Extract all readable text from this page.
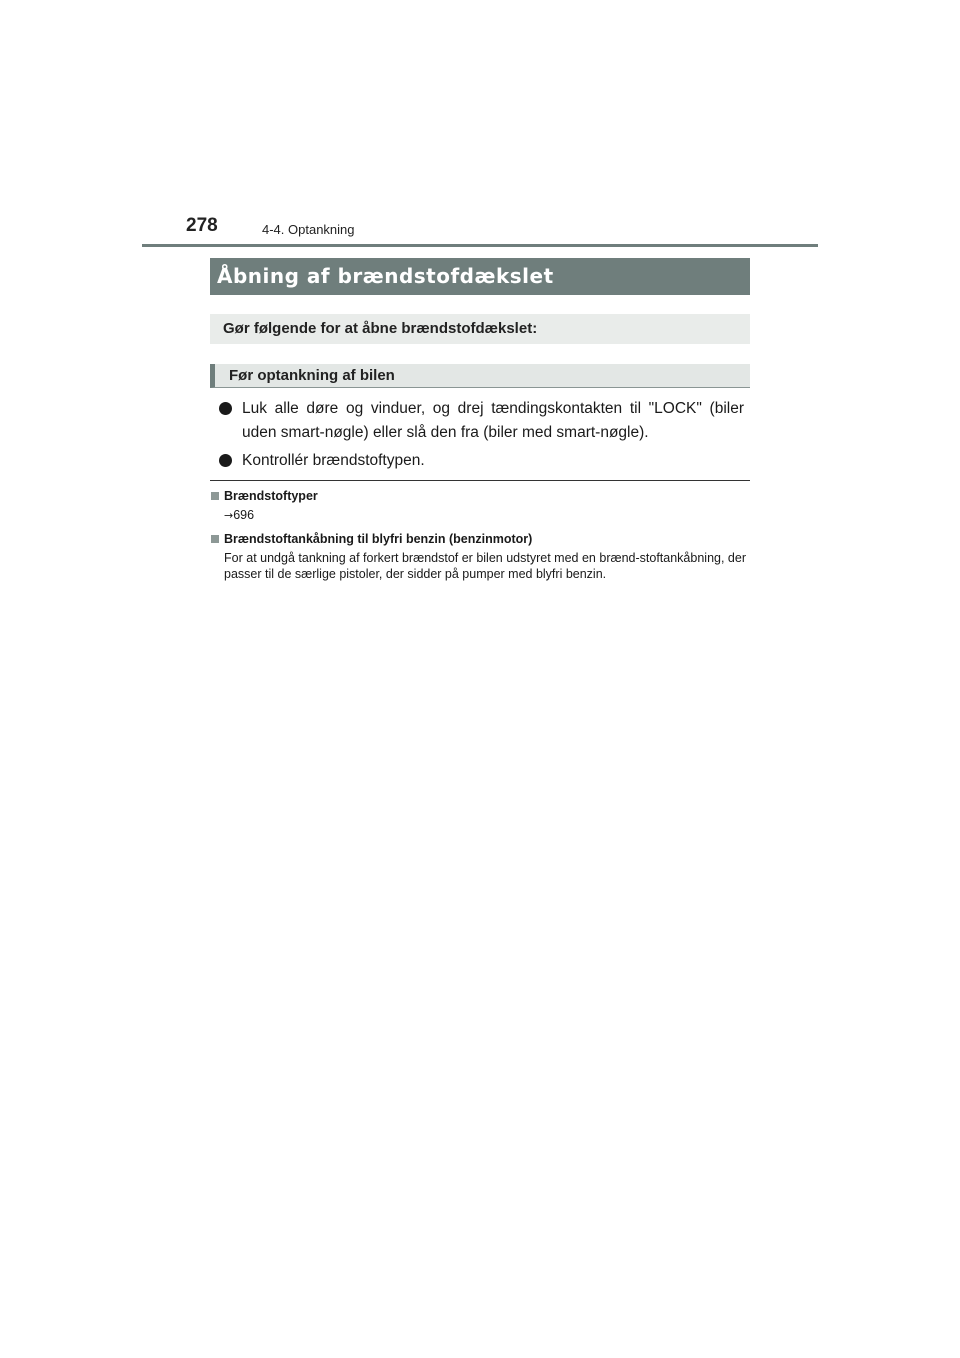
278	4-4. Optankning
Åbning af brændstofdækslet
Gør følgende for at åbne brændstofdækslet:
Før optankning af bilen
Luk alle døre og vinduer, og drej tændingskontakten til "LOCK" (biler uden smart-nøgle) eller slå den fra (biler med smart-nøgle).
Kontrollér brændstoftypen.
Brændstoftyper
→696
Brændstoftankåbning til blyfri benzin (benzinmotor)
For at undgå tankning af forkert brændstof er bilen udstyret med en brænd-stoftankåbning, der passer til de særlige pistoler, der sidder på pumper med blyfri benzin.
